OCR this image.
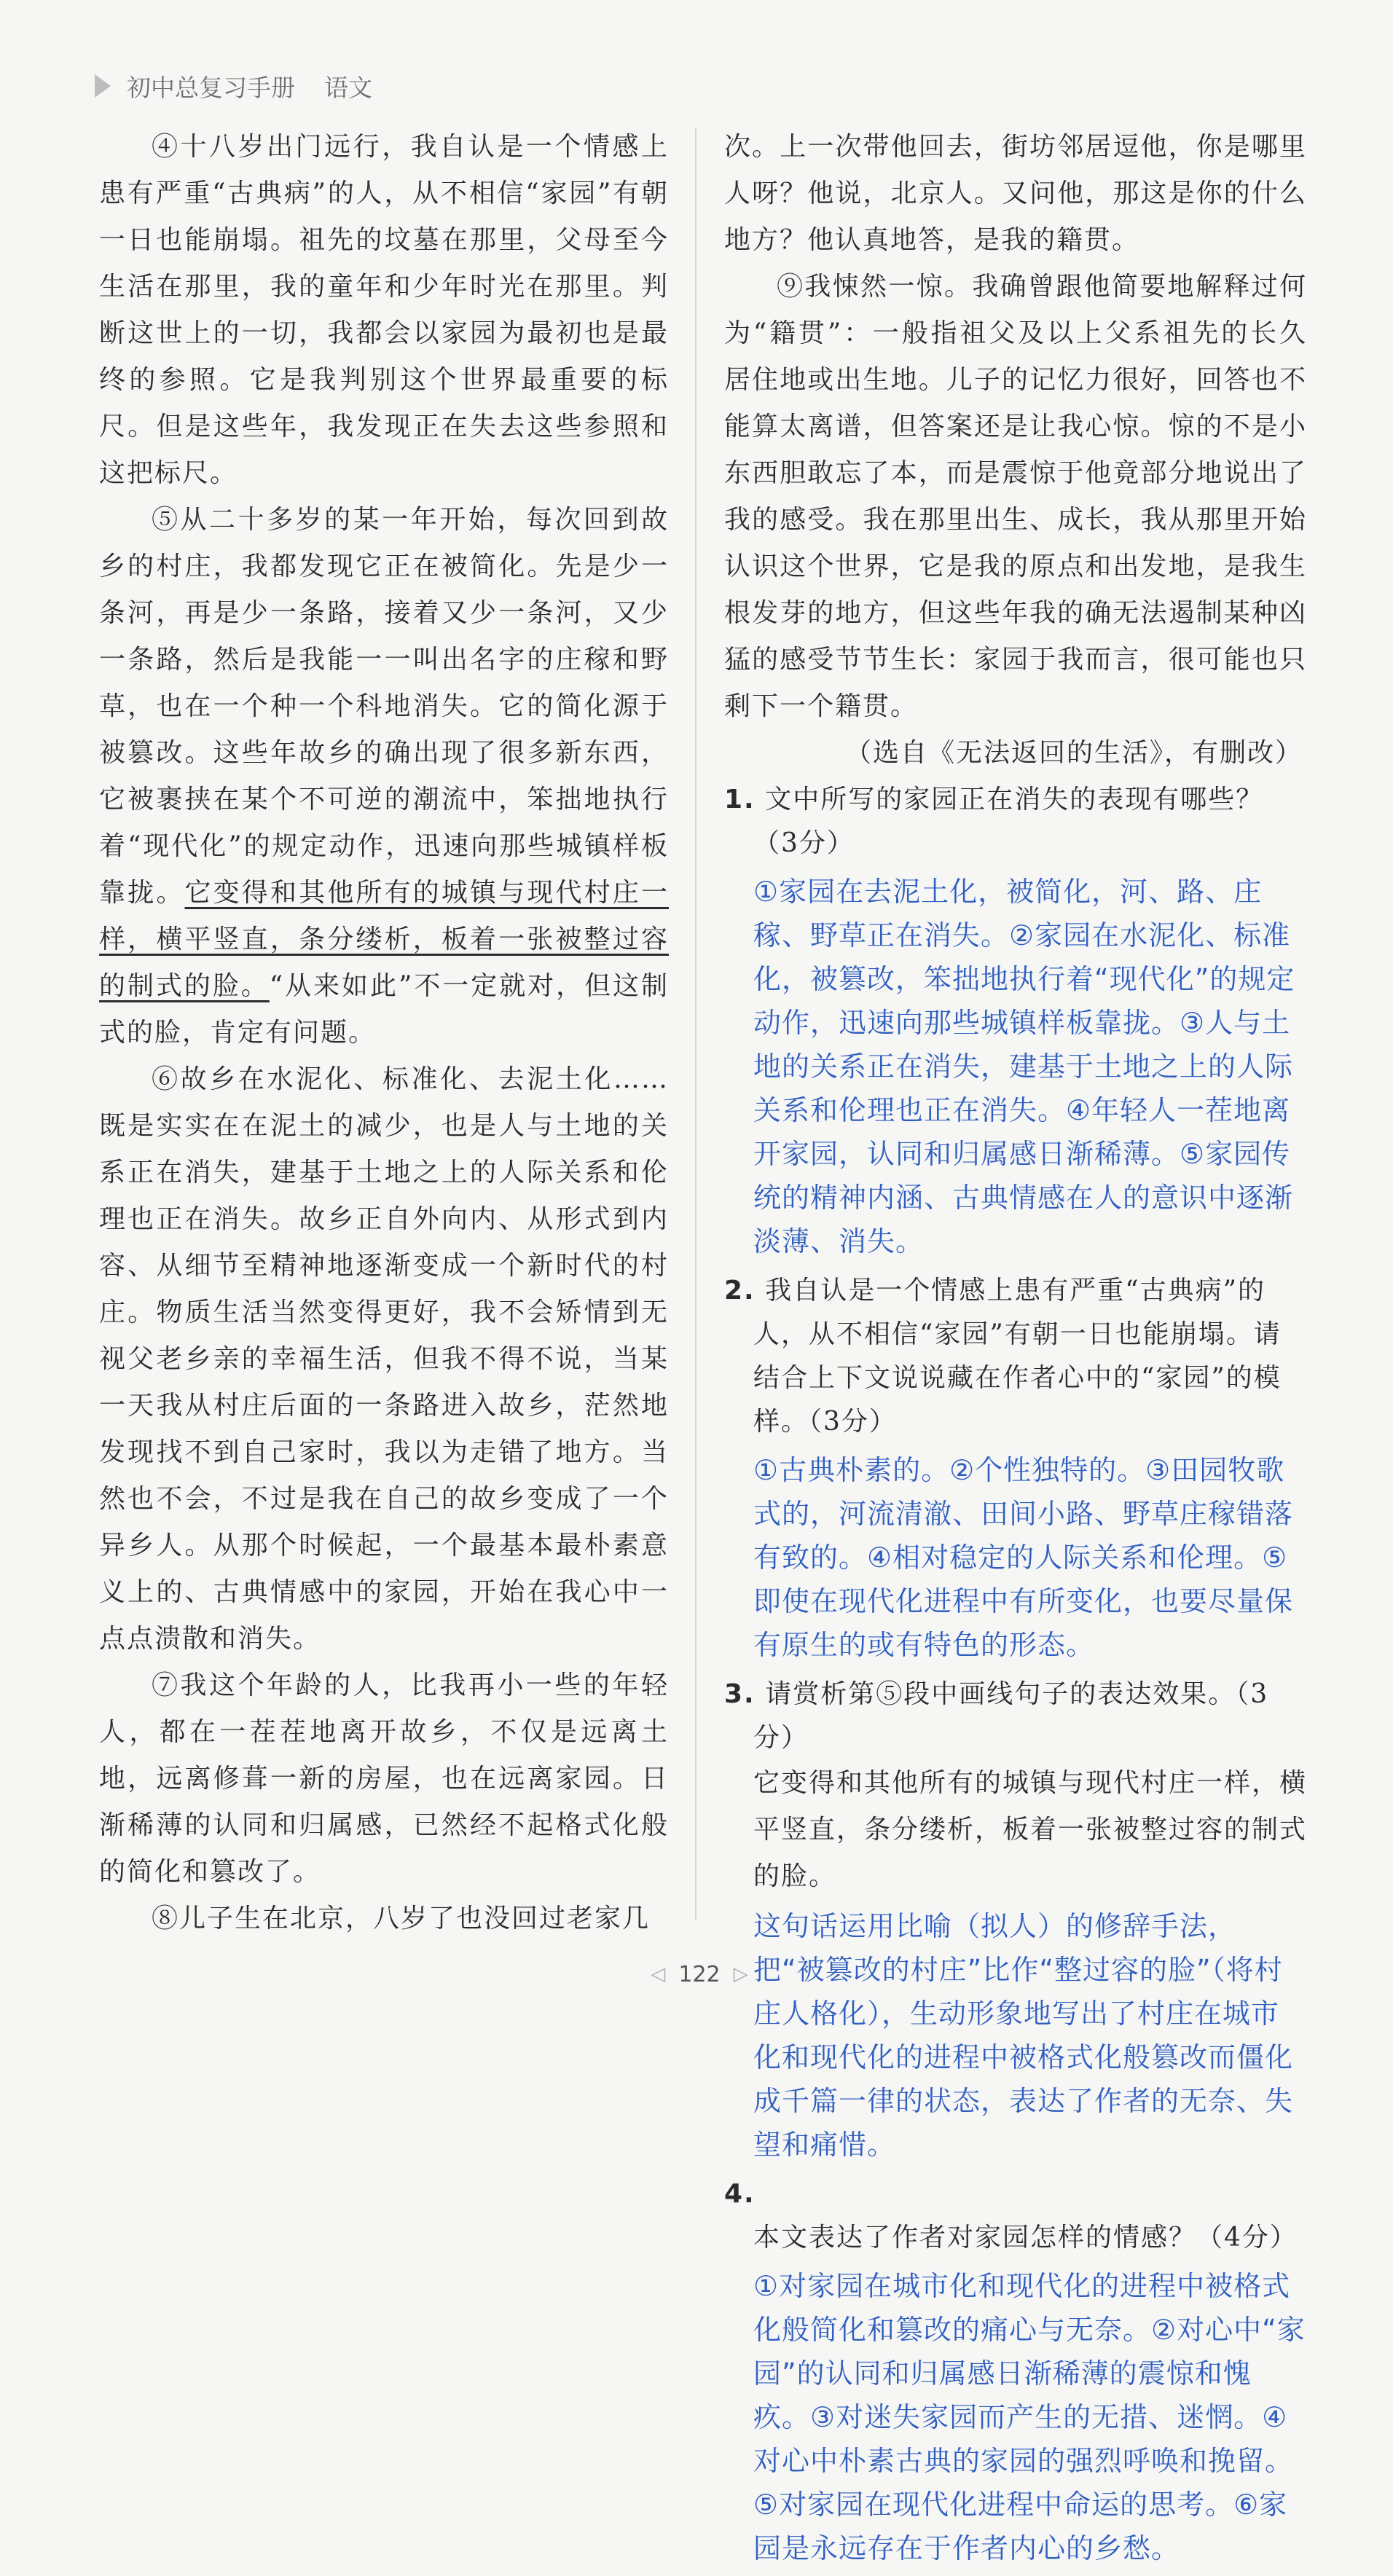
初中总复习手册 语文

④十八岁出门远行，我自认是一个情感上患有严重“古典病”的人，从不相信“家园”有朝一日也能崩塌。祖先的坟墓在那里，父母至今生活在那里，我的童年和少年时光在那里。判断这世上的一切，我都会以家园为最初也是最终的参照。它是我判别这个世界最重要的标尺。但是这些年，我发现正在失去这些参照和这把标尺。

⑤从二十多岁的某一年开始，每次回到故乡的村庄，我都发现它正在被简化。先是少一条河，再是少一条路，接着又少一条河，又少一条路，然后是我能一一叫出名字的庄稼和野草，也在一个种一个科地消失。它的简化源于被篡改。这些年故乡的确出现了很多新东西，它被裹挟在某个不可逆的潮流中，笨拙地执行着“现代化”的规定动作，迅速向那些城镇样板靠拢。它变得和其他所有的城镇与现代村庄一样，横平竖直，条分缕析，板着一张被整过容的制式的脸。“从来如此”不一定就对，但这制式的脸，肯定有问题。

⑥故乡在水泥化、标准化、去泥土化……既是实实在在泥土的减少，也是人与土地的关系正在消失，建基于土地之上的人际关系和伦理也正在消失。故乡正自外向内、从形式到内容、从细节至精神地逐渐变成一个新时代的村庄。物质生活当然变得更好，我不会矫情到无视父老乡亲的幸福生活，但我不得不说，当某一天我从村庄后面的一条路进入故乡，茫然地发现找不到自己家时，我以为走错了地方。当然也不会，不过是我在自己的故乡变成了一个异乡人。从那个时候起，一个最基本最朴素意义上的、古典情感中的家园，开始在我心中一点点溃散和消失。

⑦我这个年龄的人，比我再小一些的年轻人，都在一茬茬地离开故乡，不仅是远离土地，远离修葺一新的房屋，也在远离家园。日渐稀薄的认同和归属感，已然经不起格式化般的简化和篡改了。

⑧儿子生在北京，八岁了也没回过老家几

次。上一次带他回去，街坊邻居逗他，你是哪里人呀？他说，北京人。又问他，那这是你的什么地方？他认真地答，是我的籍贯。

⑨我悚然一惊。我确曾跟他简要地解释过何为“籍贯”：一般指祖父及以上父系祖先的长久居住地或出生地。儿子的记忆力很好，回答也不能算太离谱，但答案还是让我心惊。惊的不是小东西胆敢忘了本，而是震惊于他竟部分地说出了我的感受。我在那里出生、成长，我从那里开始认识这个世界，它是我的原点和出发地，是我生根发芽的地方，但这些年我的确无法遏制某种凶猛的感受节节生长：家园于我而言，很可能也只剩下一个籍贯。

（选自《无法返回的生活》，有删改）

1. 文中所写的家园正在消失的表现有哪些？（3分）

①家园在去泥土化，被简化，河、路、庄稼、野草正在消失。②家园在水泥化、标准化，被篡改，笨拙地执行着“现代化”的规定动作，迅速向那些城镇样板靠拢。③人与土地的关系正在消失，建基于土地之上的人际关系和伦理也正在消失。④年轻人一茬地离开家园，认同和归属感日渐稀薄。⑤家园传统的精神内涵、古典情感在人的意识中逐渐淡薄、消失。

2. 我自认是一个情感上患有严重“古典病”的人，从不相信“家园”有朝一日也能崩塌。请结合上下文说说藏在作者心中的“家园”的模样。（3分）

①古典朴素的。②个性独特的。③田园牧歌式的，河流清澈、田间小路、野草庄稼错落有致的。④相对稳定的人际关系和伦理。⑤即使在现代化进程中有所变化，也要尽量保有原生的或有特色的形态。

3. 请赏析第⑤段中画线句子的表达效果。（3分）

它变得和其他所有的城镇与现代村庄一样，横平竖直，条分缕析，板着一张被整过容的制式的脸。

这句话运用比喻（拟人）的修辞手法，把“被篡改的村庄”比作“整过容的脸”（将村庄人格化），生动形象地写出了村庄在城市化和现代化的进程中被格式化般篡改而僵化成千篇一律的状态，表达了作者的无奈、失望和痛惜。

4. 本文表达了作者对家园怎样的情感？（4分）

①对家园在城市化和现代化的进程中被格式化般简化和篡改的痛心与无奈。②对心中“家园”的认同和归属感日渐稀薄的震惊和愧疚。③对迷失家园而产生的无措、迷惘。④对心中朴素古典的家园的强烈呼唤和挽留。⑤对家园在现代化进程中命运的思考。⑥家园是永远存在于作者内心的乡愁。

◁ 122 ▷
